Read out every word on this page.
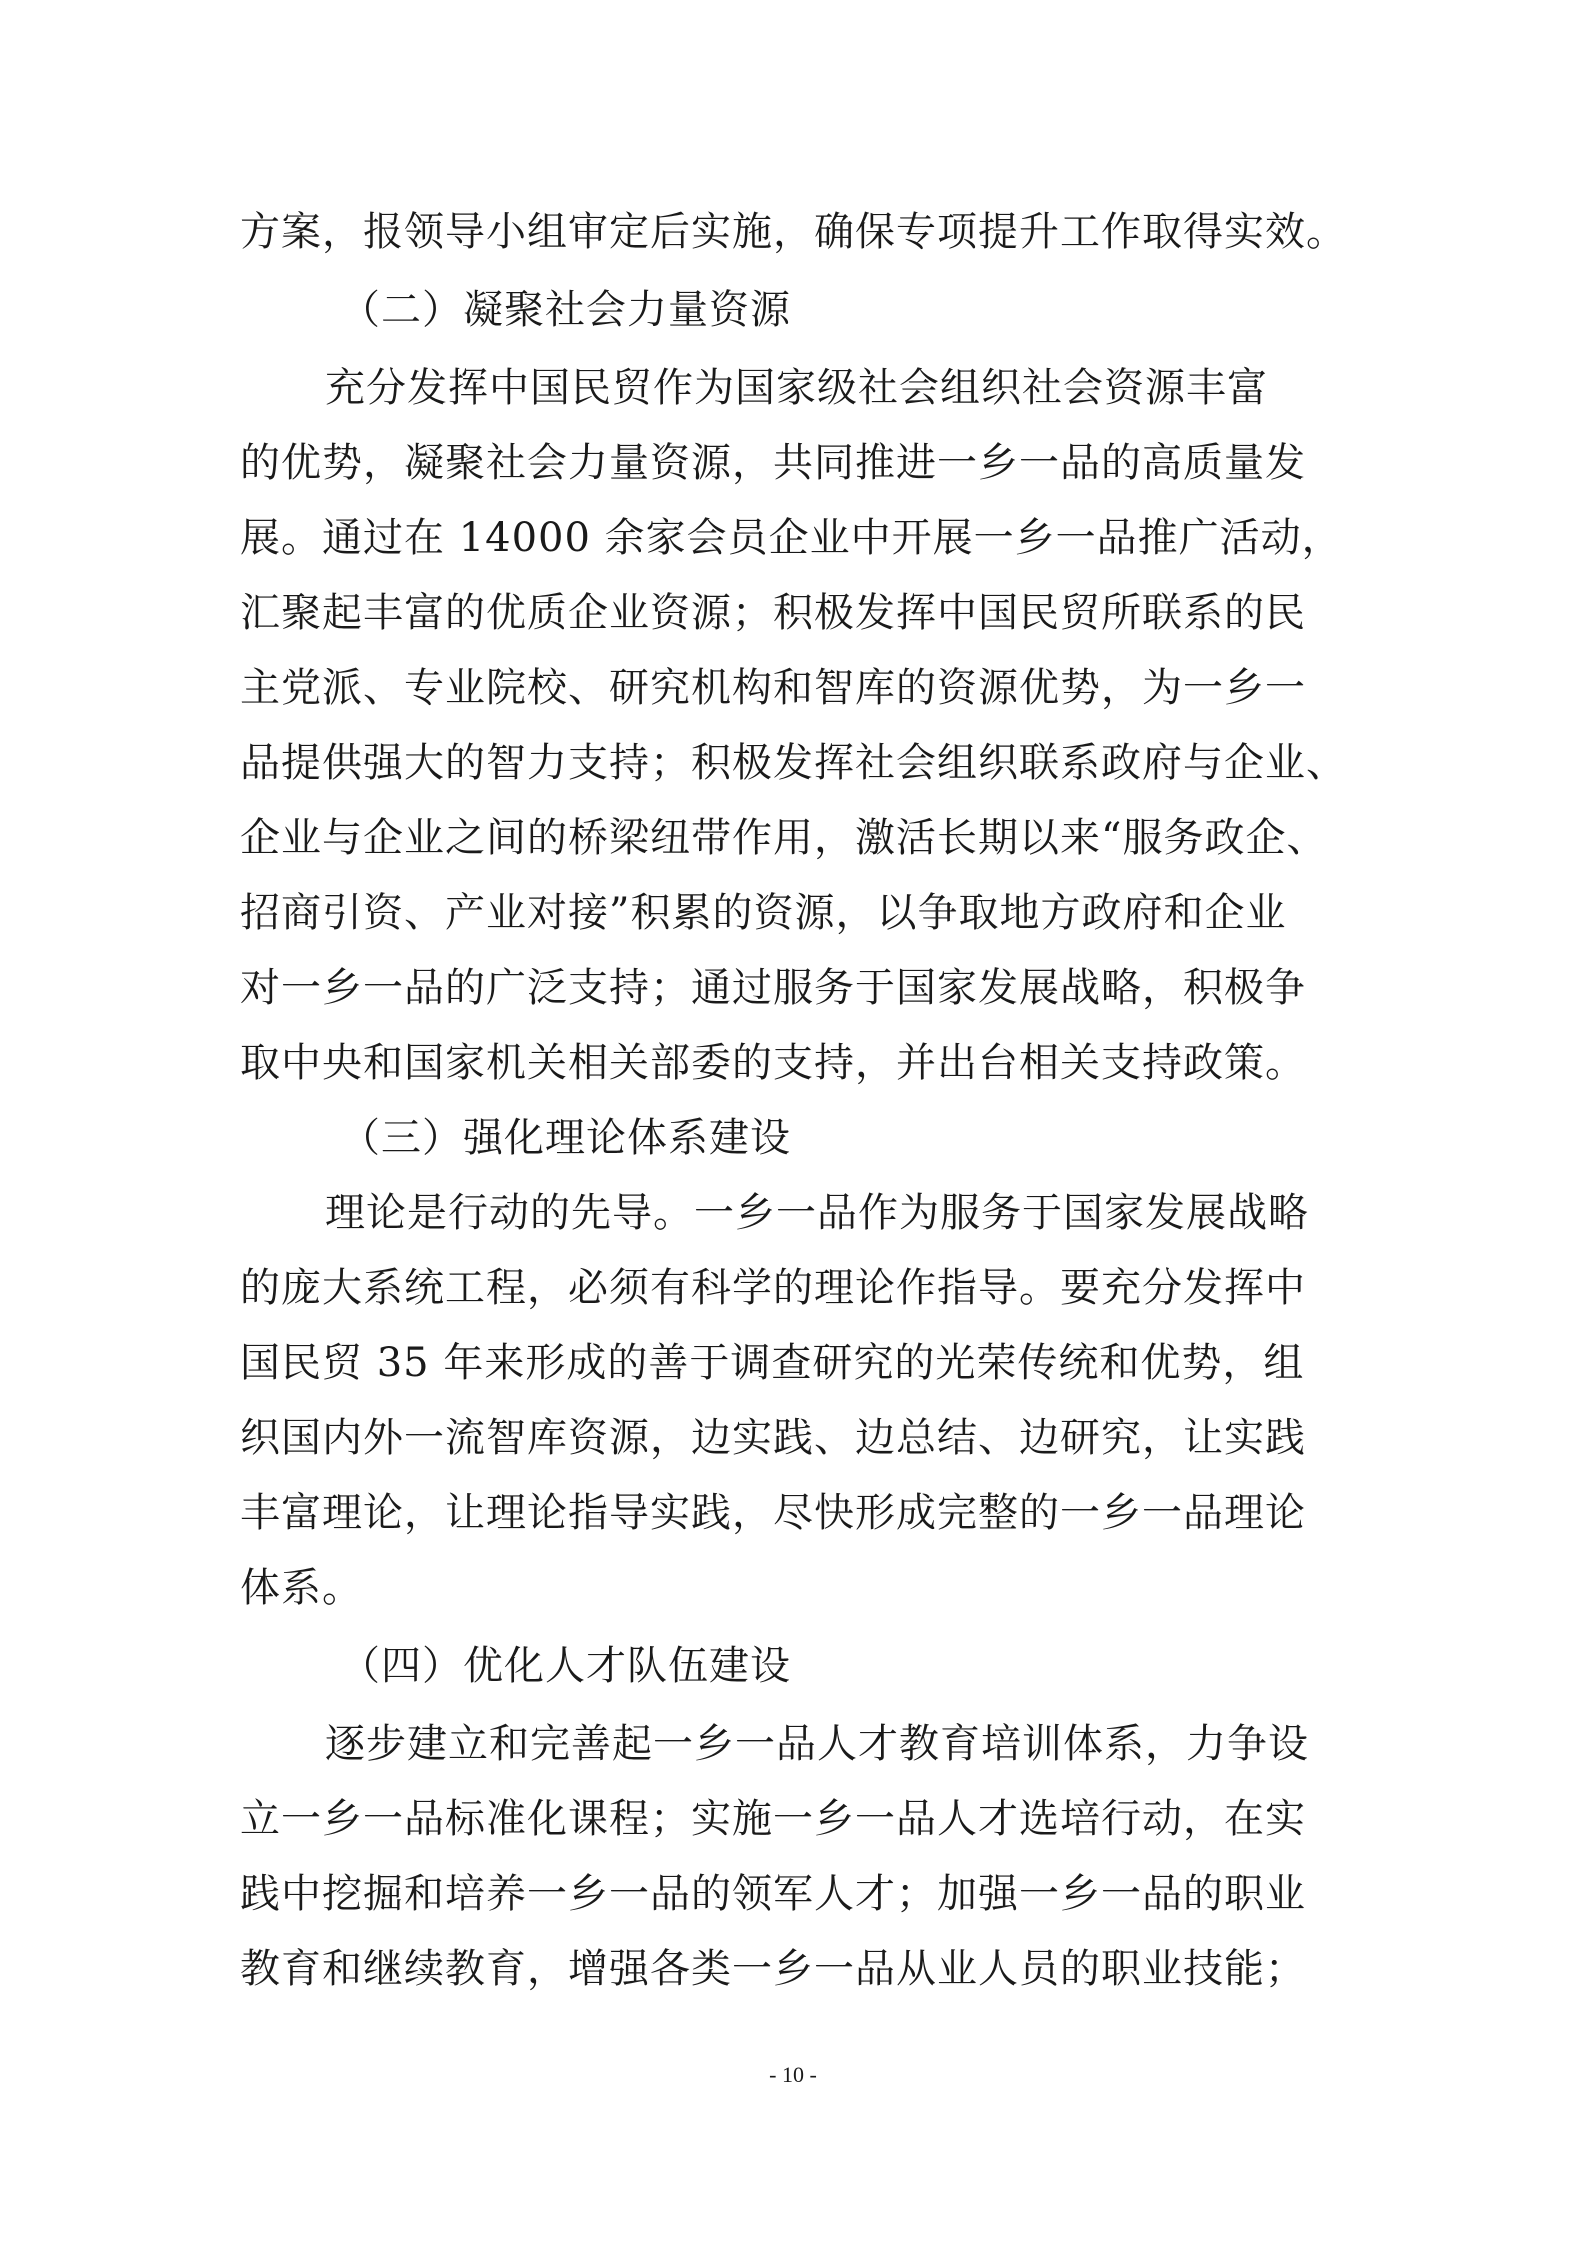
方案，报领导小组审定后实施，确保专项提升工作取得实效。
（二）凝聚社会力量资源
充分发挥中国民贸作为国家级社会组织社会资源丰富
的优势，凝聚社会力量资源，共同推进一乡一品的高质量发
展。通过在 14000 余家会员企业中开展一乡一品推广活动，
汇聚起丰富的优质企业资源；积极发挥中国民贸所联系的民
主党派、专业院校、研究机构和智库的资源优势，为一乡一
品提供强大的智力支持；积极发挥社会组织联系政府与企业、
企业与企业之间的桥梁纽带作用，激活长期以来“服务政企、
招商引资、产业对接”积累的资源，以争取地方政府和企业
对一乡一品的广泛支持；通过服务于国家发展战略，积极争
取中央和国家机关相关部委的支持，并出台相关支持政策。
（三）强化理论体系建设
理论是行动的先导。一乡一品作为服务于国家发展战略
的庞大系统工程，必须有科学的理论作指导。要充分发挥中
国民贸 35 年来形成的善于调查研究的光荣传统和优势，组
织国内外一流智库资源，边实践、边总结、边研究，让实践
丰富理论，让理论指导实践，尽快形成完整的一乡一品理论
体系。
（四）优化人才队伍建设
逐步建立和完善起一乡一品人才教育培训体系，力争设
立一乡一品标准化课程；实施一乡一品人才选培行动，在实
践中挖掘和培养一乡一品的领军人才；加强一乡一品的职业
教育和继续教育，增强各类一乡一品从业人员的职业技能；
- 10 -
